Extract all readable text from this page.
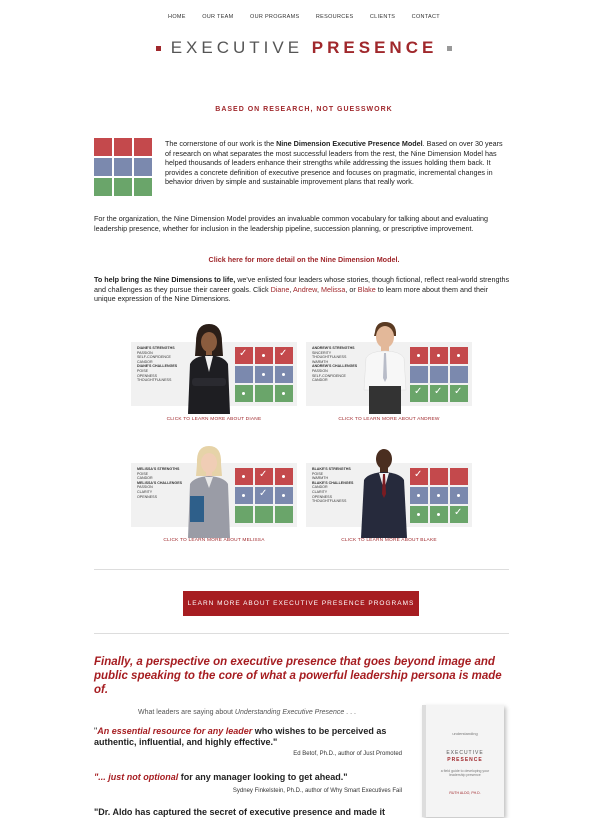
HOME	OUR TEAM	OUR PROGRAMS	RESOURCES	CLIENTS	CONTACT
EXECUTIVE PRESENCE
BASED ON RESEARCH, NOT GUESSWORK

The cornerstone of our work is the Nine Dimension Executive Presence Model. Based on over 30 years of research on what separates the most successful leaders from the rest, the Nine Dimension Model has helped thousands of leaders enhance their strengths while addressing the issues holding them back. It provides a concrete definition of executive presence and focuses on pragmatic, incremental changes in behavior driven by simple and sustainable improvement plans that really work.

For the organization, the Nine Dimension Model provides an invaluable common vocabulary for talking about and evaluating leadership presence, whether for inclusion in the leadership pipeline, succession planning, or prescriptive improvement.

Click here for more detail on the Nine Dimension Model.

To help bring the Nine Dimensions to life, we've enlisted four leaders whose stories, though fictional, reflect real-world strengths and challenges as they pursue their career goals. Click Diane, Andrew, Melissa, or Blake to learn more about them and their unique expression of the Nine Dimensions.

DIANE'S STRENGTHS
PASSION
SELF-CONFIDENCE
CANDOR
DIANE'S CHALLENGES
POISE
OPENNESS
THOUGHTFULNESS
✓
✓
CLICK TO LEARN MORE ABOUT DIANE
ANDREW'S STRENGTHS
SINCERITY
THOUGHTFULNESS
WARMTH
ANDREW'S CHALLENGES
PASSION
SELF-CONFIDENCE
CANDOR
✓
✓
✓
CLICK TO LEARN MORE ABOUT ANDREW
MELISSA'S STRENGTHS
POISE
CANDOR
MELISSA'S CHALLENGES
PASSION
CLARITY
OPENNESS
✓
✓
CLICK TO LEARN MORE ABOUT MELISSA
BLAKE'S STRENGTHS
POISE
WARMTH
BLAKE'S CHALLENGES
CANDOR
CLARITY
OPENNESS
THOUGHTFULNESS
✓
✓
CLICK TO LEARN MORE ABOUT BLAKE
LEARN MORE ABOUT EXECUTIVE PRESENCE PROGRAMS

Finally, a perspective on executive presence that goes beyond image and public speaking to the core of what a powerful leadership persona is made of.

What leaders are saying about Understanding Executive Presence . . .

"An essential resource for any leader who wishes to be perceived as authentic, influential, and highly effective."

Ed Betof, Ph.D., author of Just Promoted

"... just not optional for any manager looking to get ahead."

Sydney Finkelstein, Ph.D., author of Why Smart Executives Fail

"Dr. Aldo has captured the secret of executive presence and made it

understanding
EXECUTIVE
PRESENCE
a field guide to developing your leadership presence
RUTH ALDO, PH.D.
